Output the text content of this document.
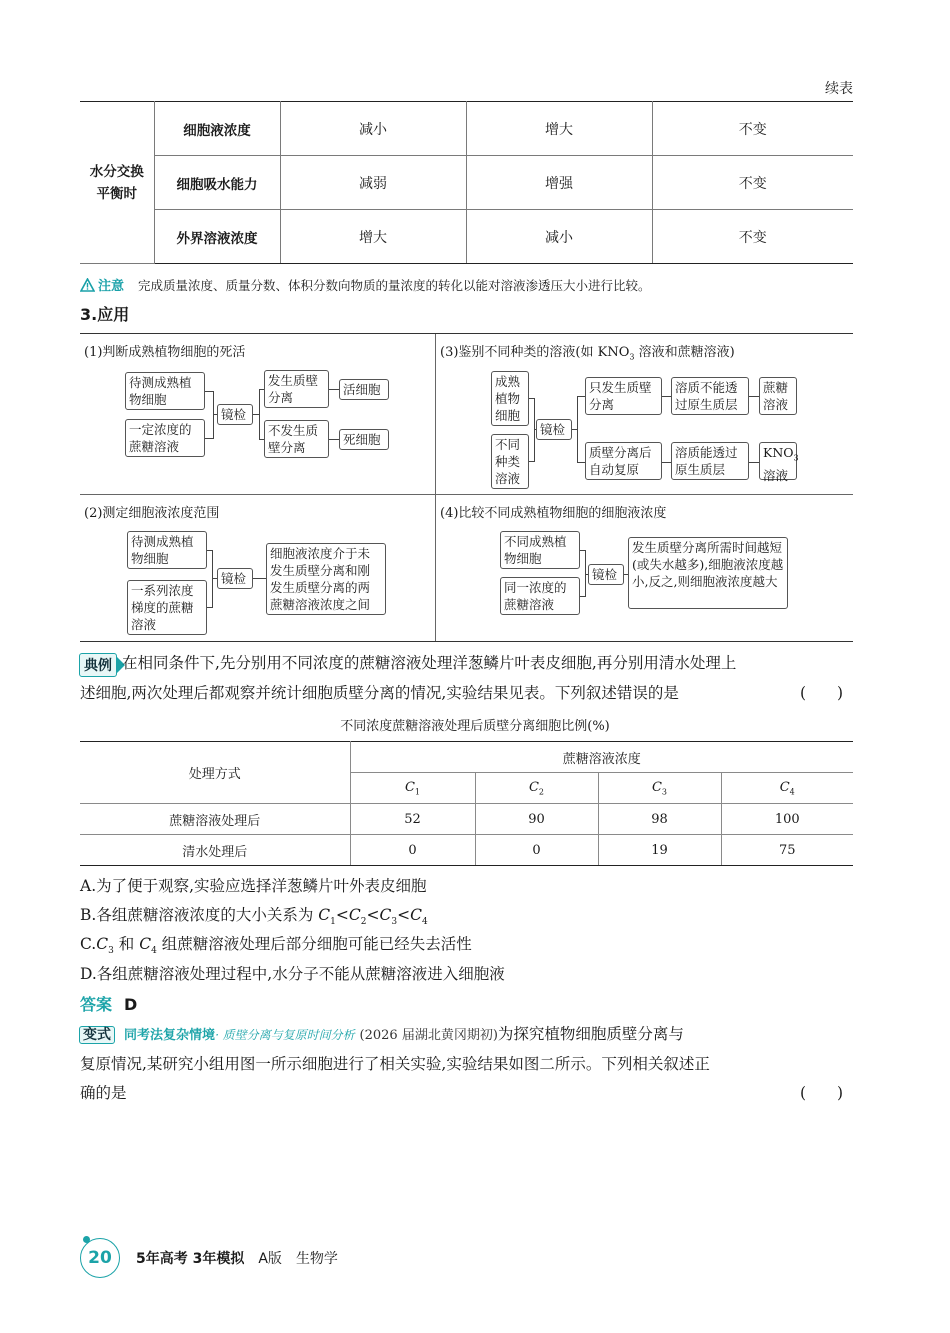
续表
水分交换
平衡时	细胞液浓度	减小	增大	不变
	细胞吸水能力	减弱	增强	不变
	外界溶液浓度	增大	减小	不变
注意 完成质量浓度、质量分数、体积分数向物质的量浓度的转化以能对溶液渗透压大小进行比较。
3.应用
(1)判断成熟植物细胞的死活
待测成熟植物细胞
一定浓度的蔗糖溶液
镜检
发生质壁分离
不发生质壁分离
活细胞
死细胞
(3)鉴别不同种类的溶液(如 $KNO_3$ 溶液和蔗糖溶液)
成熟植物细胞
不同种类溶液
镜检
只发生质壁分离
质壁分离后自动复原
溶质不能透过原生质层
溶质能透过原生质层
蔗糖溶液
$KNO_3$
溶液
(2)测定细胞液浓度范围
待测成熟植物细胞
一系列浓度梯度的蔗糖溶液
镜检
细胞液浓度介于未发生质壁分离和刚发生质壁分离的两蔗糖溶液浓度之间
(4)比较不同成熟植物细胞的细胞液浓度
不同成熟植物细胞
同一浓度的蔗糖溶液
镜检
发生质壁分离所需时间越短(或失水越多),细胞液浓度越小,反之,则细胞液浓度越大
典例 在相同条件下,先分别用不同浓度的蔗糖溶液处理洋葱鳞片叶表皮细胞,再分别用清水处理上
述细胞,两次处理后都观察并统计细胞质壁分离的情况,实验结果见表。下列叙述错误的是	(　　)
不同浓度蔗糖溶液处理后质壁分离细胞比例(%)
处理方式	蔗糖溶液浓度			
	$C_1$	$C_2$	$C_3$	$C_4$
蔗糖溶液处理后	52	90	98	100
清水处理后	0	0	19	75
A.为了便于观察,实验应选择洋葱鳞片叶外表皮细胞
B.各组蔗糖溶液浓度的大小关系为 $C_1<C_2<C_3<C_4$
$C.C_3$ 和 $C_4$ 组蔗糖溶液处理后部分细胞可能已经失去活性
D.各组蔗糖溶液处理过程中,水分子不能从蔗糖溶液进入细胞液
答案 D
变式 同考法复杂情境· 质壁分离与复原时间分析 (2026 届湖北黄冈期初)为探究植物细胞质壁分离与
复原情况,某研究小组用图一所示细胞进行了相关实验,实验结果如图二所示。下列相关叙述正
确的是	(　　)
20	5年高考 3年模拟 A版 生物学
